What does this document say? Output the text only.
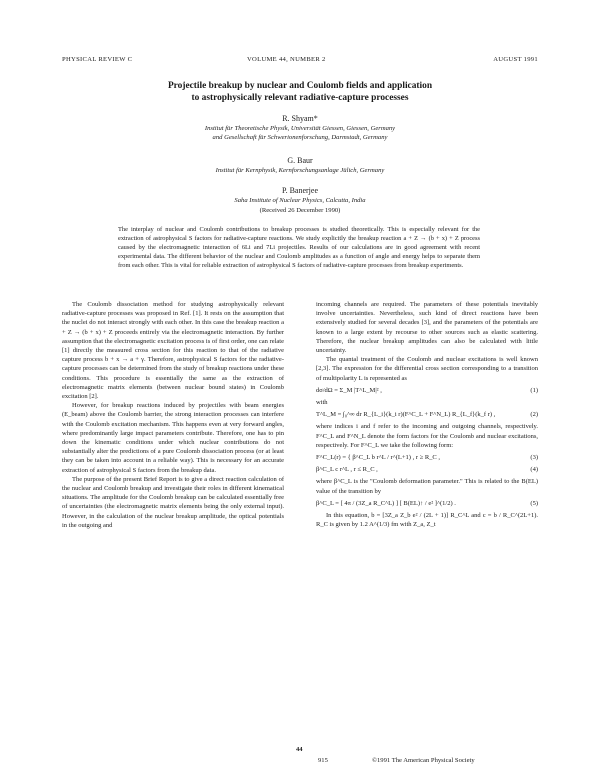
PHYSICAL REVIEW C	VOLUME 44, NUMBER 2	AUGUST 1991
Projectile breakup by nuclear and Coulomb fields and application
to astrophysically relevant radiative-capture processes
R. Shyam*
Institut für Theoretische Physik, Universität Giessen, Giessen, Germany
and Gesellschaft für Schwerionenforschung, Darmstadt, Germany
G. Baur
Institut für Kernphysik, Kernforschungsanlage Jülich, Germany
P. Banerjee
Saha Institute of Nuclear Physics, Calcutta, India
(Received 26 December 1990)
The interplay of nuclear and Coulomb contributions to breakup processes is studied theoretically. This is especially relevant for the extraction of astrophysical S factors for radiative-capture reactions. We study explicitly the breakup reaction a + Z → (b + x) + Z process caused by the electromagnetic interaction of 6Li and 7Li projectiles. Results of our calculations are in good agreement with recent experimental data. The different behavior of the nuclear and Coulomb amplitudes as a function of angle and energy helps to separate them from each other. This is vital for reliable extraction of astrophysical S factors of radiative-capture processes from breakup experiments.

The Coulomb dissociation method for studying astrophysically relevant radiative-capture processes was proposed in Ref. [1]. It rests on the assumption that the nuclei do not interact strongly with each other. In this case the breakup reaction a + Z → (b + x) + Z proceeds entirely via the electromagnetic interaction. By further assumption that the electromagnetic excitation process is of first order, one can relate [1] directly the measured cross section for this reaction to that of the radiative capture process b + x → a + γ. Therefore, astrophysical S factors for the radiative-capture processes can be determined from the study of breakup reactions under these conditions. This procedure is essentially the same as the extraction of electromagnetic matrix elements (between nuclear bound states) in Coulomb excitation [2].

However, for breakup reactions induced by projectiles with beam energies (E_beam) above the Coulomb barrier, the strong interaction processes can interfere with the Coulomb excitation mechanism. This happens even at very forward angles, where predominantly large impact parameters contribute. Therefore, one has to pin down the kinematic conditions under which nuclear contributions do not substantially alter the predictions of a pure Coulomb dissociation process (or at least they can be taken into account in a reliable way). This is necessary for an accurate extraction of astrophysical S factors from the breakup data.

The purpose of the present Brief Report is to give a direct reaction calculation of the nuclear and Coulomb breakup and investigate their roles in different kinematical situations. The amplitude for the Coulomb breakup can be calculated essentially free of uncertainties (the electromagnetic matrix elements being the only external input). However, in the calculation of the nuclear breakup amplitude, the optical potentials in the outgoing and

incoming channels are required. The parameters of these potentials inevitably involve uncertainties. Nevertheless, such kind of direct reactions have been extensively studied for several decades [3], and the parameters of the potentials are known to a large extent by recourse to other sources such as elastic scattering. Therefore, the nuclear breakup amplitudes can also be calculated with little uncertainty.

The quantal treatment of the Coulomb and nuclear excitations is well known [2,3]. The expression for the differential cross section corresponding to a transition of multipolarity L is represented as

dσ/dΩ = Σ_M |T^L_M|² ,	(1)
with
T^L_M = ∫₀^∞ dr R_{L_i}(k_i r)(F^C_L + F^N_L) R_{L_f}(k_f r) ,	(2)

where indices i and f refer to the incoming and outgoing channels, respectively. F^C_L and F^N_L denote the form factors for the Coulomb and nuclear excitations, respectively. For F^C_L we take the following form:

F^C_L(r) = { β^C_L b r^L / r^(L+1) , r ≥ R_C ,	(3)
β^C_L c r^L , r ≤ R_C ,	(4)

where β^C_L is the "Coulomb deformation parameter." This is related to the B(EL) value of the transition by

β^C_L = [ 4π / (3Z_a R_C^L) ] [ B(EL)↑ / e² ]^(1/2) .	(5)

In this equation, b = [3Z_a Z_b e² / (2L + 1)] R_C^L and c = b / R_C^(2L+1). R_C is given by 1.2 A^(1/3) fm with Z_a, Z_t

44
915	©1991 The American Physical Society
